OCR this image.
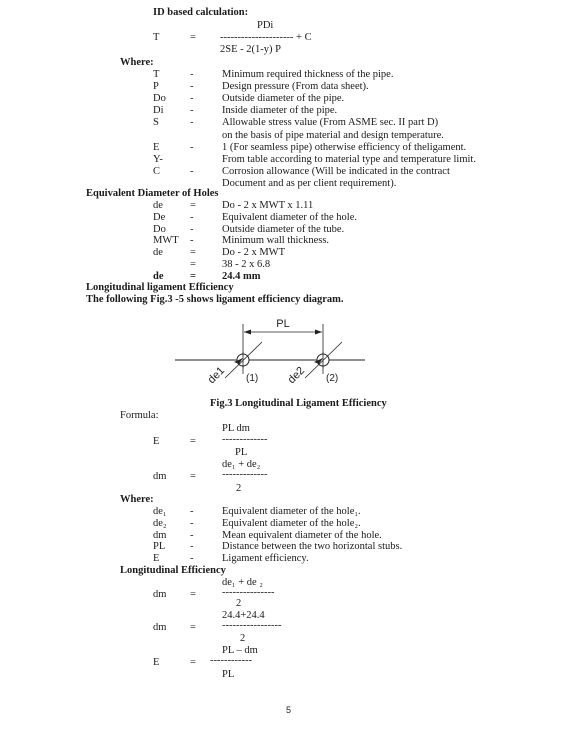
ID based calculation:
PDi
T	= --------------------- + C
2SE - 2(1-y) P
Where:
T	-	Minimum required thickness of the pipe.
P	-	Design pressure (From data sheet).
Do -	Outside diameter of the pipe.
Di	-	Inside diameter of the pipe.
S	-	Allowable stress value (From ASME sec. II part D)
on the basis of pipe material and design temperature.
E	-	1 (For seamless pipe) otherwise efficiency of theligament.
Y-	From table according to material type and temperature limit.
C	-	Corrosion allowance (Will be indicated in the contract
Document and as per client requirement).
Equivalent Diameter of Holes
de	= Do - 2 x MWT x 1.11
De -	Equivalent diameter of the hole.
Do -	Outside diameter of the tube.
MWT -	Minimum wall thickness.
de	= Do - 2 x MWT
= 38 - 2 x 6.8
de	= 24.4 mm
Longitudinal ligament Efficiency
The following Fig.3 -5 shows ligament efficiency diagram.
PL
de1	de2
(1)	(2)
Fig.3 Longitudinal Ligament Efficiency
Formula:
PL dm
E	= -------------
PL
de₁ + de₂
dm = -------------
2
Where:
de₁ -	Equivalent diameter of the hole₁.
de₂ -	Equivalent diameter of the hole₂.
dm -	Mean equivalent diameter of the hole.
PL -	Distance between the two horizontal stubs.
E	-	Ligament efficiency.
Longitudinal Efficiency
de₁ + de ₂
dm = ---------------
2
24.4+24.4
dm = -----------------
2
PL – dm
E	= ------------
PL
5
